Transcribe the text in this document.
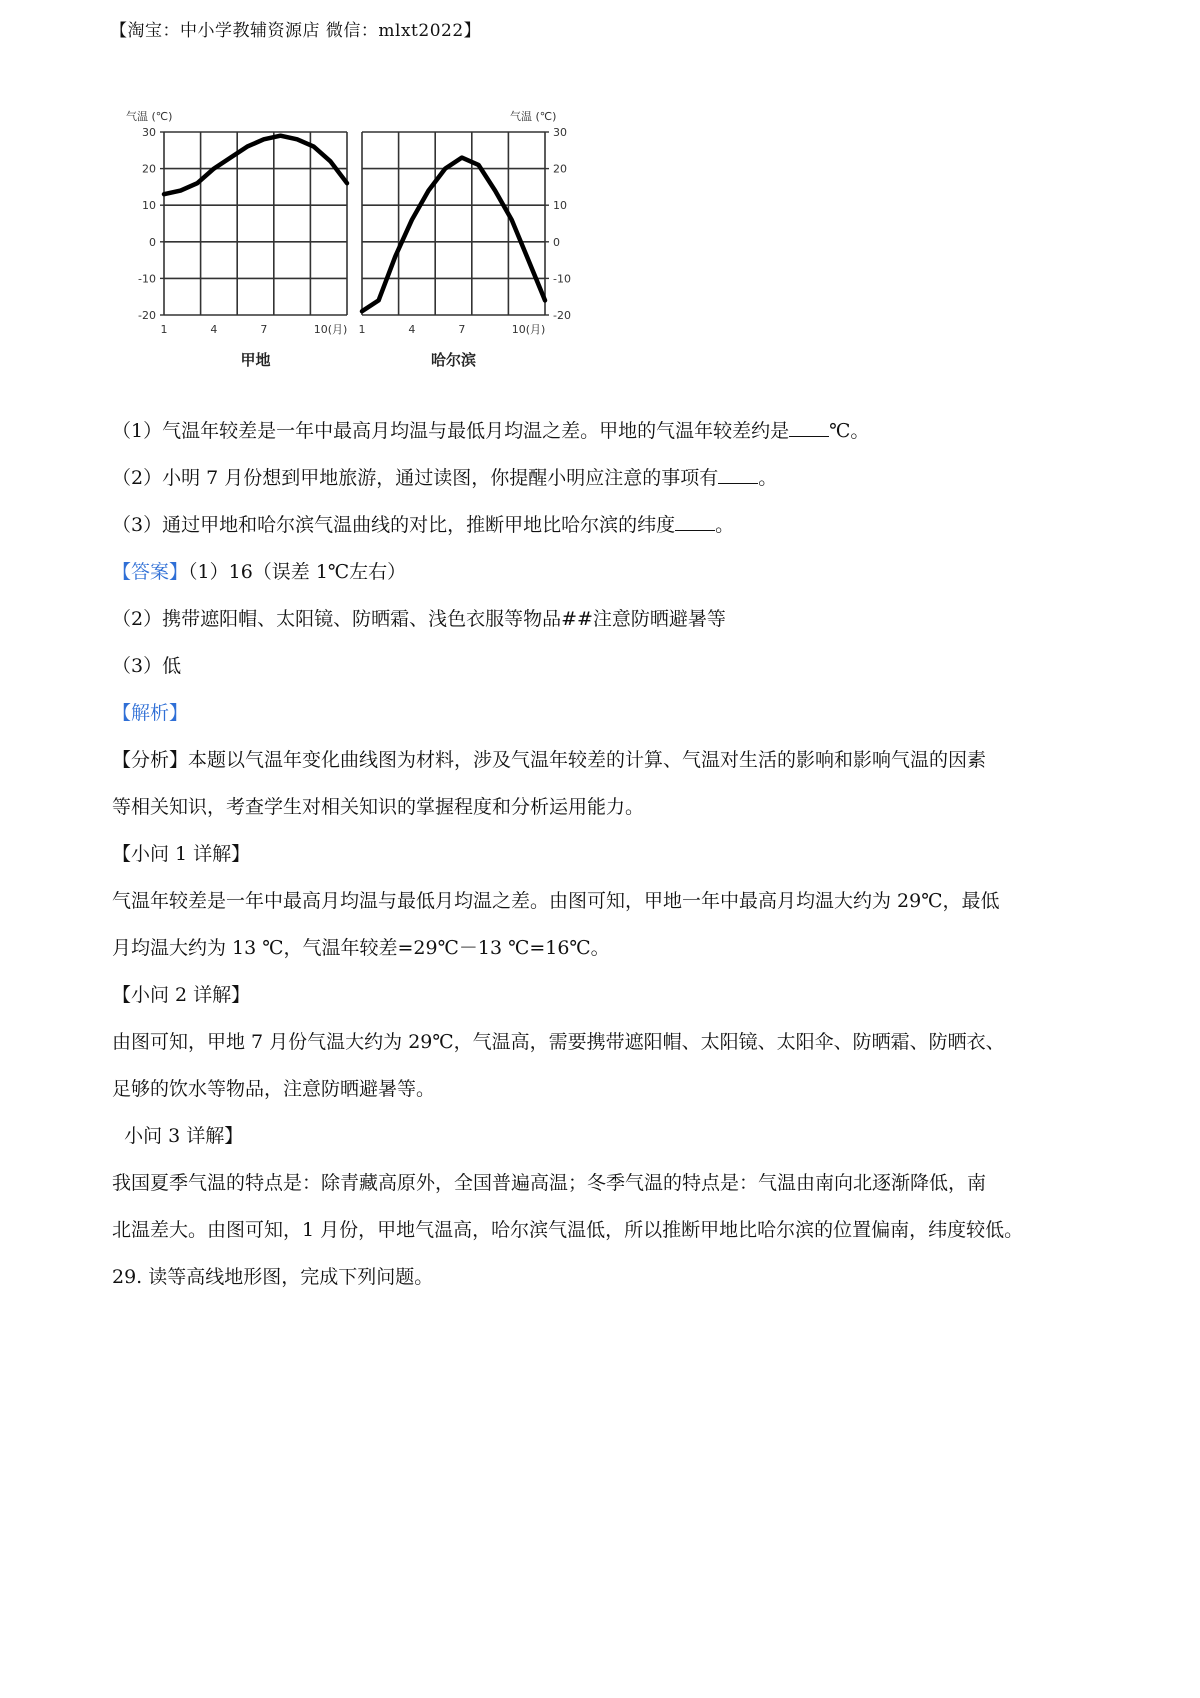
【淘宝：中小学教辅资源店 微信：mlxt2022】
30
20
10
0
-10
-20
气温 (℃)
1	4	7	10(月)
甲地
30
20
10
0
-10
-20
气温 (℃)
1	4	7	10(月)
哈尔滨
（1）气温年较差是一年中最高月均温与最低月均温之差。甲地的气温年较差约是 ℃。
（2）小明 7 月份想到甲地旅游，通过读图，你提醒小明应注意的事项有 。
（3）通过甲地和哈尔滨气温曲线的对比，推断甲地比哈尔滨的纬度 。
【答案】（1）16（误差 1℃左右）
（2）携带遮阳帽、太阳镜、防晒霜、浅色衣服等物品##注意防晒避暑等
（3）低
【解析】
【分析】本题以气温年变化曲线图为材料，涉及气温年较差的计算、气温对生活的影响和影响气温的因素
等相关知识，考查学生对相关知识的掌握程度和分析运用能力。
【小问 1 详解】
气温年较差是一年中最高月均温与最低月均温之差。由图可知，甲地一年中最高月均温大约为 29℃，最低
月均温大约为 13 ℃，气温年较差=29℃－13 ℃=16℃。
【小问 2 详解】
由图可知，甲地 7 月份气温大约为 29℃，气温高，需要携带遮阳帽、太阳镜、太阳伞、防晒霜、防晒衣、
足够的饮水等物品，注意防晒避暑等。
小问 3 详解】
我国夏季气温的特点是：除青藏高原外，全国普遍高温；冬季气温的特点是：气温由南向北逐渐降低，南
北温差大。由图可知，1 月份，甲地气温高，哈尔滨气温低，所以推断甲地比哈尔滨的位置偏南，纬度较低。
29. 读等高线地形图，完成下列问题。
